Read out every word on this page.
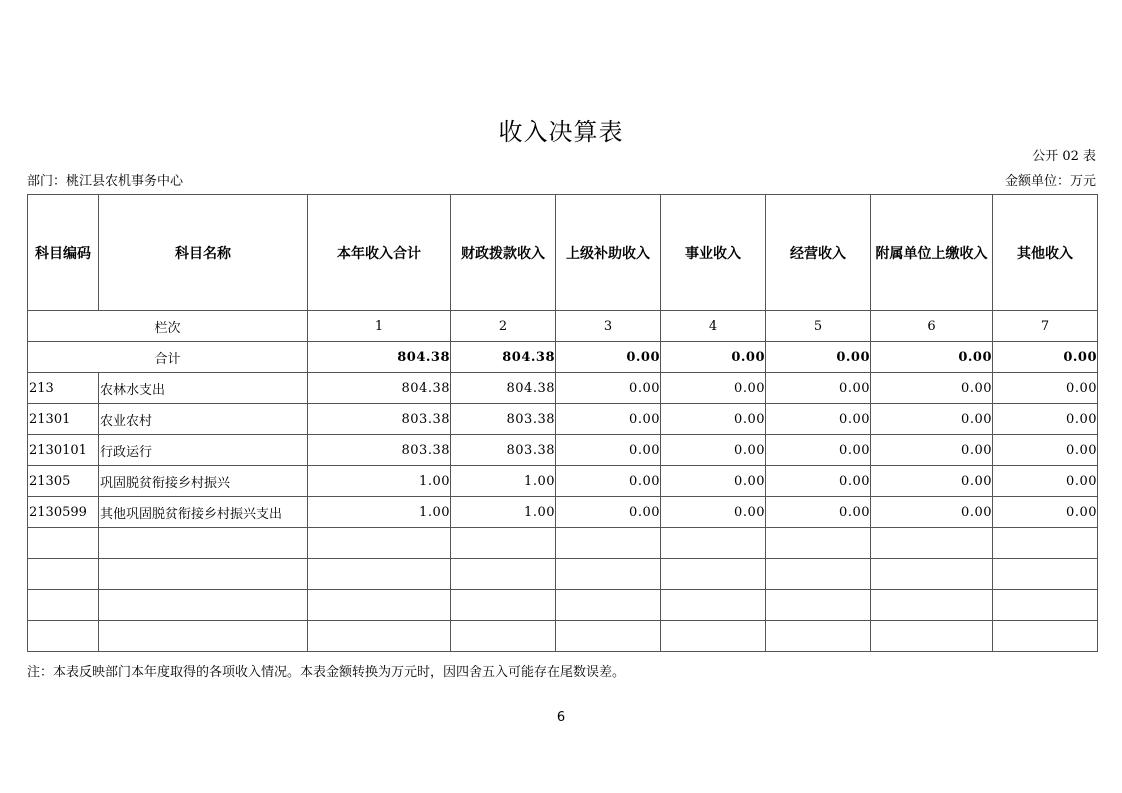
收入决算表
公开 02 表
部门：桃江县农机事务中心	金额单位：万元
科目编码	科目名称	本年收入合计	财政拨款收入	上级补助收入	事业收入	经营收入	附属单位上缴收入	其他收入
栏次		1	2	3	4	5	6	7
合计		804.38	804.38	0.00	0.00	0.00	0.00	0.00
213	农林水支出	804.38	804.38	0.00	0.00	0.00	0.00	0.00
21301	农业农村	803.38	803.38	0.00	0.00	0.00	0.00	0.00
2130101	行政运行	803.38	803.38	0.00	0.00	0.00	0.00	0.00
21305	巩固脱贫衔接乡村振兴	1.00	1.00	0.00	0.00	0.00	0.00	0.00
2130599	其他巩固脱贫衔接乡村振兴支出	1.00	1.00	0.00	0.00	0.00	0.00	0.00

注：本表反映部门本年度取得的各项收入情况。本表金额转换为万元时，因四舍五入可能存在尾数误差。
6
